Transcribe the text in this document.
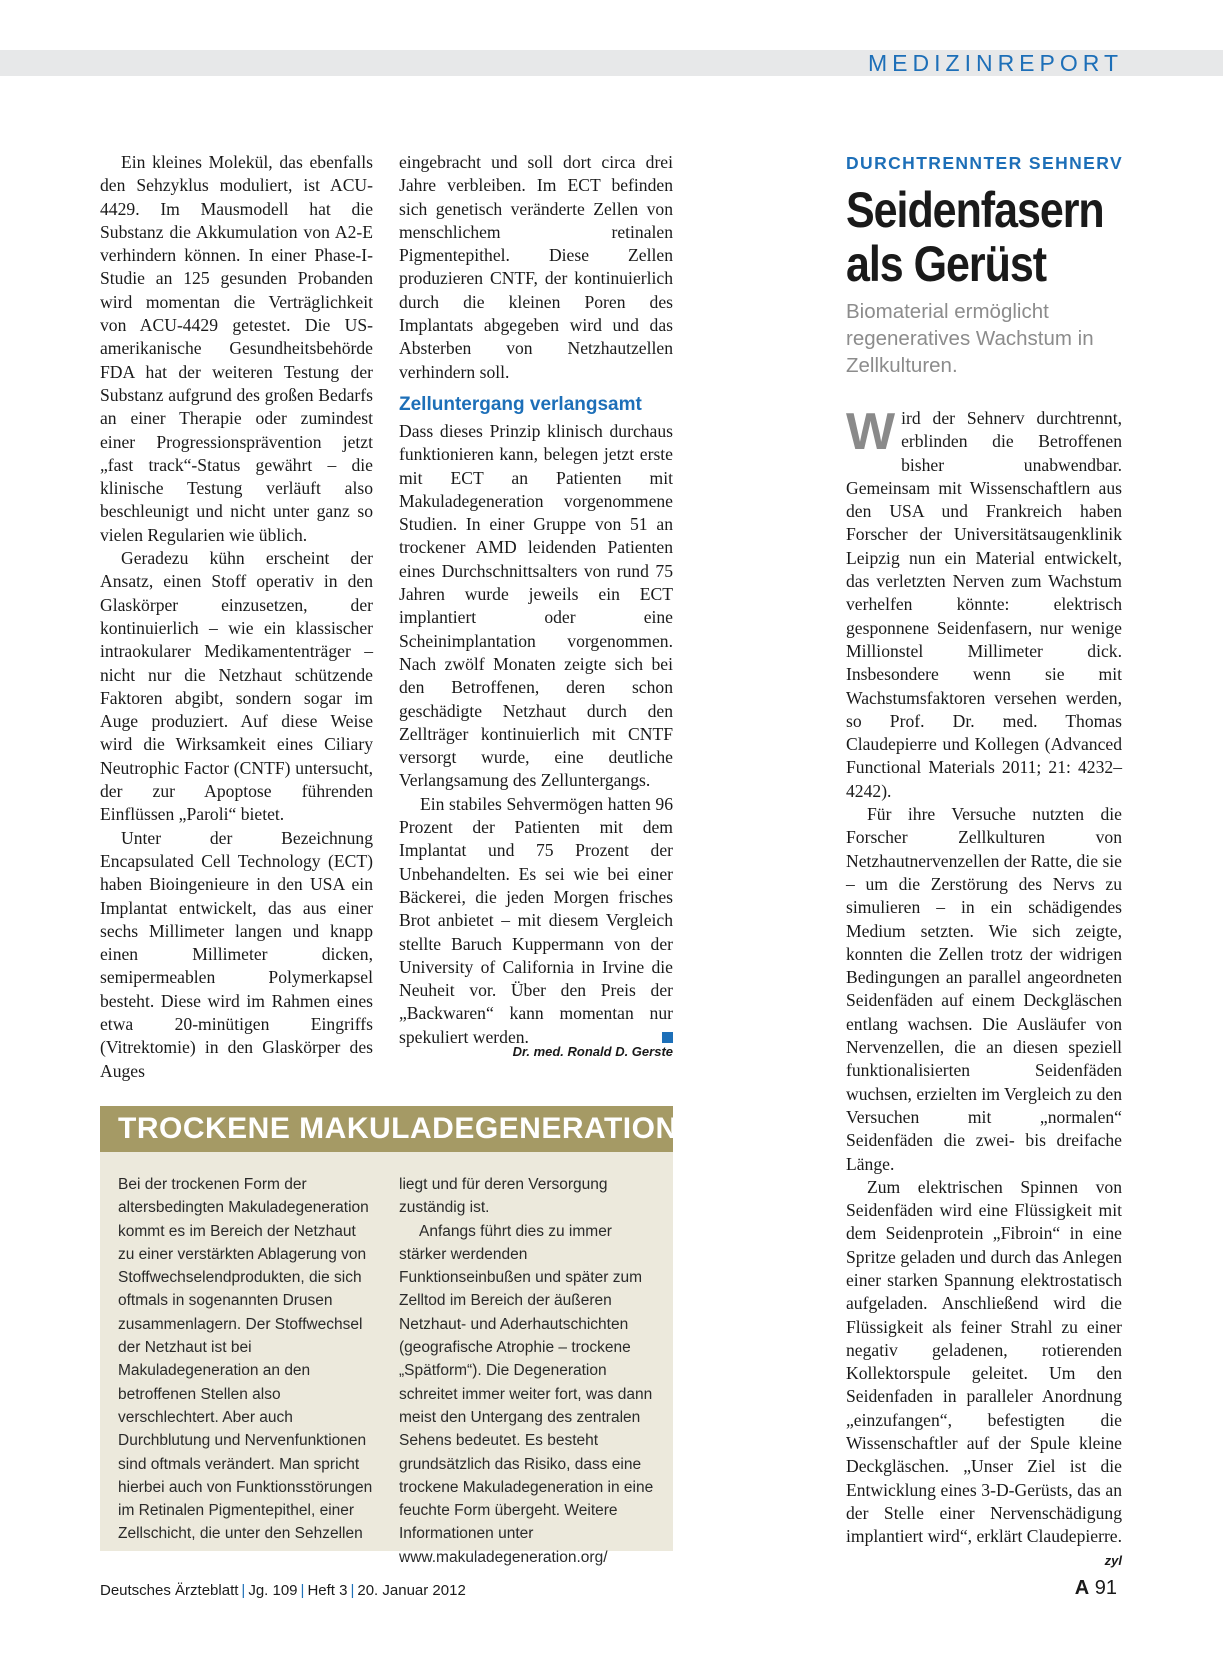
MEDIZINREPORT

Ein kleines Molekül, das ebenfalls den Sehzyklus moduliert, ist ACU-4429. Im Mausmodell hat die Substanz die Akkumulation von A2-E verhindern können. In einer Phase-I-Studie an 125 gesunden Probanden wird momentan die Verträglichkeit von ACU-4429 getestet. Die US-amerikanische Gesundheitsbehörde FDA hat der weiteren Testung der Substanz aufgrund des großen Bedarfs an einer Therapie oder zumindest einer Progressionsprävention jetzt „fast track“-Status gewährt – die klinische Testung verläuft also beschleunigt und nicht unter ganz so vielen Regularien wie üblich.

Geradezu kühn erscheint der Ansatz, einen Stoff operativ in den Glaskörper einzusetzen, der kontinuierlich – wie ein klassischer intraokularer Medikamententräger – nicht nur die Netzhaut schützende Faktoren abgibt, sondern sogar im Auge produziert. Auf diese Weise wird die Wirksamkeit eines Ciliary Neutrophic Factor (CNTF) untersucht, der zur Apoptose führenden Einflüssen „Paroli“ bietet.

Unter der Bezeichnung Encapsulated Cell Technology (ECT) haben Bioingenieure in den USA ein Implantat entwickelt, das aus einer sechs Millimeter langen und knapp einen Millimeter dicken, semipermeablen Polymerkapsel besteht. Diese wird im Rahmen eines etwa 20-minütigen Eingriffs (Vitrektomie) in den Glaskörper des Auges

eingebracht und soll dort circa drei Jahre verbleiben. Im ECT befinden sich genetisch veränderte Zellen von menschlichem retinalen Pigmentepithel. Diese Zellen produzieren CNTF, der kontinuierlich durch die kleinen Poren des Implantats abgegeben wird und das Absterben von Netzhautzellen verhindern soll.

Zelluntergang verlangsamt

Dass dieses Prinzip klinisch durchaus funktionieren kann, belegen jetzt erste mit ECT an Patienten mit Makuladegeneration vorgenommene Studien. In einer Gruppe von 51 an trockener AMD leidenden Patienten eines Durchschnittsalters von rund 75 Jahren wurde jeweils ein ECT implantiert oder eine Scheinimplantation vorgenommen. Nach zwölf Monaten zeigte sich bei den Betroffenen, deren schon geschädigte Netzhaut durch den Zellträger kontinuierlich mit CNTF versorgt wurde, eine deutliche Verlangsamung des Zelluntergangs.

Ein stabiles Sehvermögen hatten 96 Prozent der Patienten mit dem Implantat und 75 Prozent der Unbehandelten. Es sei wie bei einer Bäckerei, die jeden Morgen frisches Brot anbietet – mit diesem Vergleich stellte Baruch Kuppermann von der University of California in Irvine die Neuheit vor. Über den Preis der „Backwaren“ kann momentan nur spekuliert werden.

Dr. med. Ronald D. Gerste
TROCKENE MAKULADEGENERATION

Bei der trockenen Form der altersbedingten Makuladegeneration kommt es im Bereich der Netzhaut zu einer verstärkten Ablagerung von Stoffwechselendprodukten, die sich oftmals in sogenannten Drusen zusammenlagern. Der Stoffwechsel der Netzhaut ist bei Makuladegeneration an den betroffenen Stellen also verschlechtert. Aber auch Durchblutung und Nervenfunktionen sind oftmals verändert. Man spricht hierbei auch von Funktionsstörungen im Retinalen Pigmentepithel, einer Zellschicht, die unter den Sehzellen

liegt und für deren Versorgung zuständig ist.

Anfangs führt dies zu immer stärker werdenden Funktionseinbußen und später zum Zelltod im Bereich der äußeren Netzhaut- und Aderhautschichten (geografische Atrophie – trockene „Spätform“). Die Degeneration schreitet immer weiter fort, was dann meist den Untergang des zentralen Sehens bedeutet. Es besteht grundsätzlich das Risiko, dass eine trockene Makuladegeneration in eine feuchte Form übergeht. Weitere Informationen unter www.makuladegeneration.org/

DURCHTRENNTER SEHNERV
Seidenfasern als Gerüst
Biomaterial ermöglicht regeneratives Wachstum in Zellkulturen.

Wird der Sehnerv durchtrennt, erblinden die Betroffenen bisher unabwendbar. Gemeinsam mit Wissenschaftlern aus den USA und Frankreich haben Forscher der Universitätsaugenklinik Leipzig nun ein Material entwickelt, das verletzten Nerven zum Wachstum verhelfen könnte: elektrisch gesponnene Seidenfasern, nur wenige Millionstel Millimeter dick. Insbesondere wenn sie mit Wachstumsfaktoren versehen werden, so Prof. Dr. med. Thomas Claudepierre und Kollegen (Advanced Functional Materials 2011; 21: 4232–4242).

Für ihre Versuche nutzten die Forscher Zellkulturen von Netzhautnervenzellen der Ratte, die sie – um die Zerstörung des Nervs zu simulieren – in ein schädigendes Medium setzten. Wie sich zeigte, konnten die Zellen trotz der widrigen Bedingungen an parallel angeordneten Seidenfäden auf einem Deckgläschen entlang wachsen. Die Ausläufer von Nervenzellen, die an diesen speziell funktionalisierten Seidenfäden wuchsen, erzielten im Vergleich zu den Versuchen mit „normalen“ Seidenfäden die zwei- bis dreifache Länge.

Zum elektrischen Spinnen von Seidenfäden wird eine Flüssigkeit mit dem Seidenprotein „Fibroin“ in eine Spritze geladen und durch das Anlegen einer starken Spannung elektrostatisch aufgeladen. Anschließend wird die Flüssigkeit als feiner Strahl zu einer negativ geladenen, rotierenden Kollektorspule geleitet. Um den Seidenfaden in paralleler Anordnung „einzufangen“, befestigten die Wissenschaftler auf der Spule kleine Deckgläschen. „Unser Ziel ist die Entwicklung eines 3-D-Gerüsts, das an der Stelle einer Nervenschädigung implantiert wird“, erklärt Claudepierre.
zyl

Deutsches Ärzteblatt | Jg. 109 | Heft 3 | 20. Januar 2012	A 91
